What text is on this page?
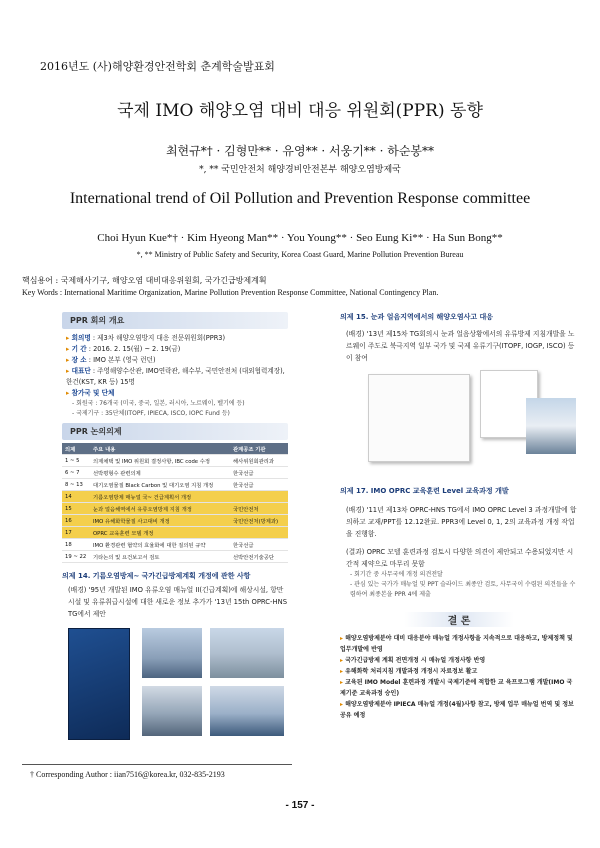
2016년도 (사)해양환경안전학회 춘계학술발표회
국제 IMO 해양오염 대비 대응 위원회(PPR) 동향
최현규*† · 김형만** · 유영** · 서웅기** · 하순봉**
*, ** 국민안전처 해양경비안전본부 해양오염방제국
International trend of Oil Pollution and Prevention Response committee
Choi Hyun Kue*† · Kim Hyeong Man** · You Young** · Seo Eung Ki** · Ha Sun Bong**
*, ** Ministry of Public Safety and Security, Korea Coast Guard, Marine Pollution Prevention Bureau
핵심용어 : 국제해사기구, 해양오염 대비대응위원회, 국가긴급방제계획
Key Words : International Maritime Organization, Marine Pollution Prevention Response Committee, National Contingency Plan.
PPR 회의 개요
▸ 회의명 : 제3차 해양오염방지 대응 전문위원회(PPR3)
▸ 기 간 : 2016. 2. 15(월) ~ 2. 19(금)
▸ 장 소 : IMO 본부 (영국 런던)
▸ 대표단 : 주영해양수산관, IMO연락관, 해수부, 국민안전처 (대외협력계장), 한건(KST, KR 등) 15명
▸ 참가국 및 단체
- 회원국 : 76개국 (미국, 중국, 일본, 러시아, 노르웨이, 벨기에 등)
- 국제기구 : 35단체(ITOPF, IPIECA, ISCO, IOPC Fund 등)
PPR 논의의제
의제	주요 내용	관계공조 기관
1 ~ 5	의제채택 및 IMO 위원회 결정사항, IBC code 수정	해사위원회관리과
6 ~ 7	선박평형수 관련의제	한국선급
8 ~ 13	대기오염물질 Black Carbon 및 대기오염 지침 개정	한국선급
14	기름오염방제 매뉴얼 국~ 건급계획서 개정	
15	눈과 얼음해역에서 유류오염방제 지침 개정	국민안전처
16	IMO 유해화학물질 사고대비 개정	국민안전처(방제과)
17	OPRC 교육훈련 모델 개정	
18	IMO 환경관련 협약의 효율화에 대한 질의된 규약	한국선급
19 ~ 22	기타논의 및 요건보고서 검토	선박안전기술공단
의제 14. 기름오염방제~ 국가긴급방제계획 개정에 관한 사항
(배경) '95년 개발된 IMO 유류오염 매뉴얼 II(긴급계획)에 해상시설, 항만시설 및 유류취급시설에 대한 새로운 정보 추가가 '13년 15th OPRC-HNS TG에서 제안
의제 15. 눈과 얼음지역에서의 해양오염사고 대응
(배경) '13년 제15차 TG회의시 눈과 얼음상황에서의 유류방제 지침개발을 노르웨이 주도로 북극지역 일부 국가 및 국제 유류기구(ITOPF, IOGP, ISCO) 등이 참여
의제 17. IMO OPRC 교육훈련 Level 교육과정 개발
(배경) '11년 제13차 OPRC-HNS TG에서 IMO OPRC Level 3 과정개발에 합의하고 교재/PPT를 12.12완료. PPR3에 Level 0, 1, 2의 교육과정 개정 작업을 진행함.
(결과) OPRC 모델 훈련과정 검토시 다양한 의견이 제안되고 수용되었지만 시간적 제약으로 마무리 못함
- 회기간 중 사무국에 개정 의견전달
- 관심 있는 국가가 매뉴얼 및 PPT 슬라이드 최종안 검토, 사무국이 수렴된 의견들을 수렴하여 최종본을 PPR 4에 제출
결 론
▸ 해양오염방제분야 대비 대응분야 매뉴얼 개정사항을 지속적으로 대응하고, 방제정책 및 업무개발에 반영
▸ 국가긴급방제 계획 전면개정 시 매뉴얼 개정사항 반영
▸ 유해화학 처리지침 개발과정 개정시 자료정보 활고
▸ 교육된 IMO Model 훈련과정 개발시 국제기준에 적합한 교 육프로그램 개발(IMO 국제기준 교육과정 승인)
▸ 해양오염방제분야 IPIECA 매뉴얼 개정(4월)사항 참고, 방제 업무 매뉴얼 번역 및 정보 공유 예정
† Corresponding Author : iian7516@korea.kr, 032-835-2193
- 157 -
